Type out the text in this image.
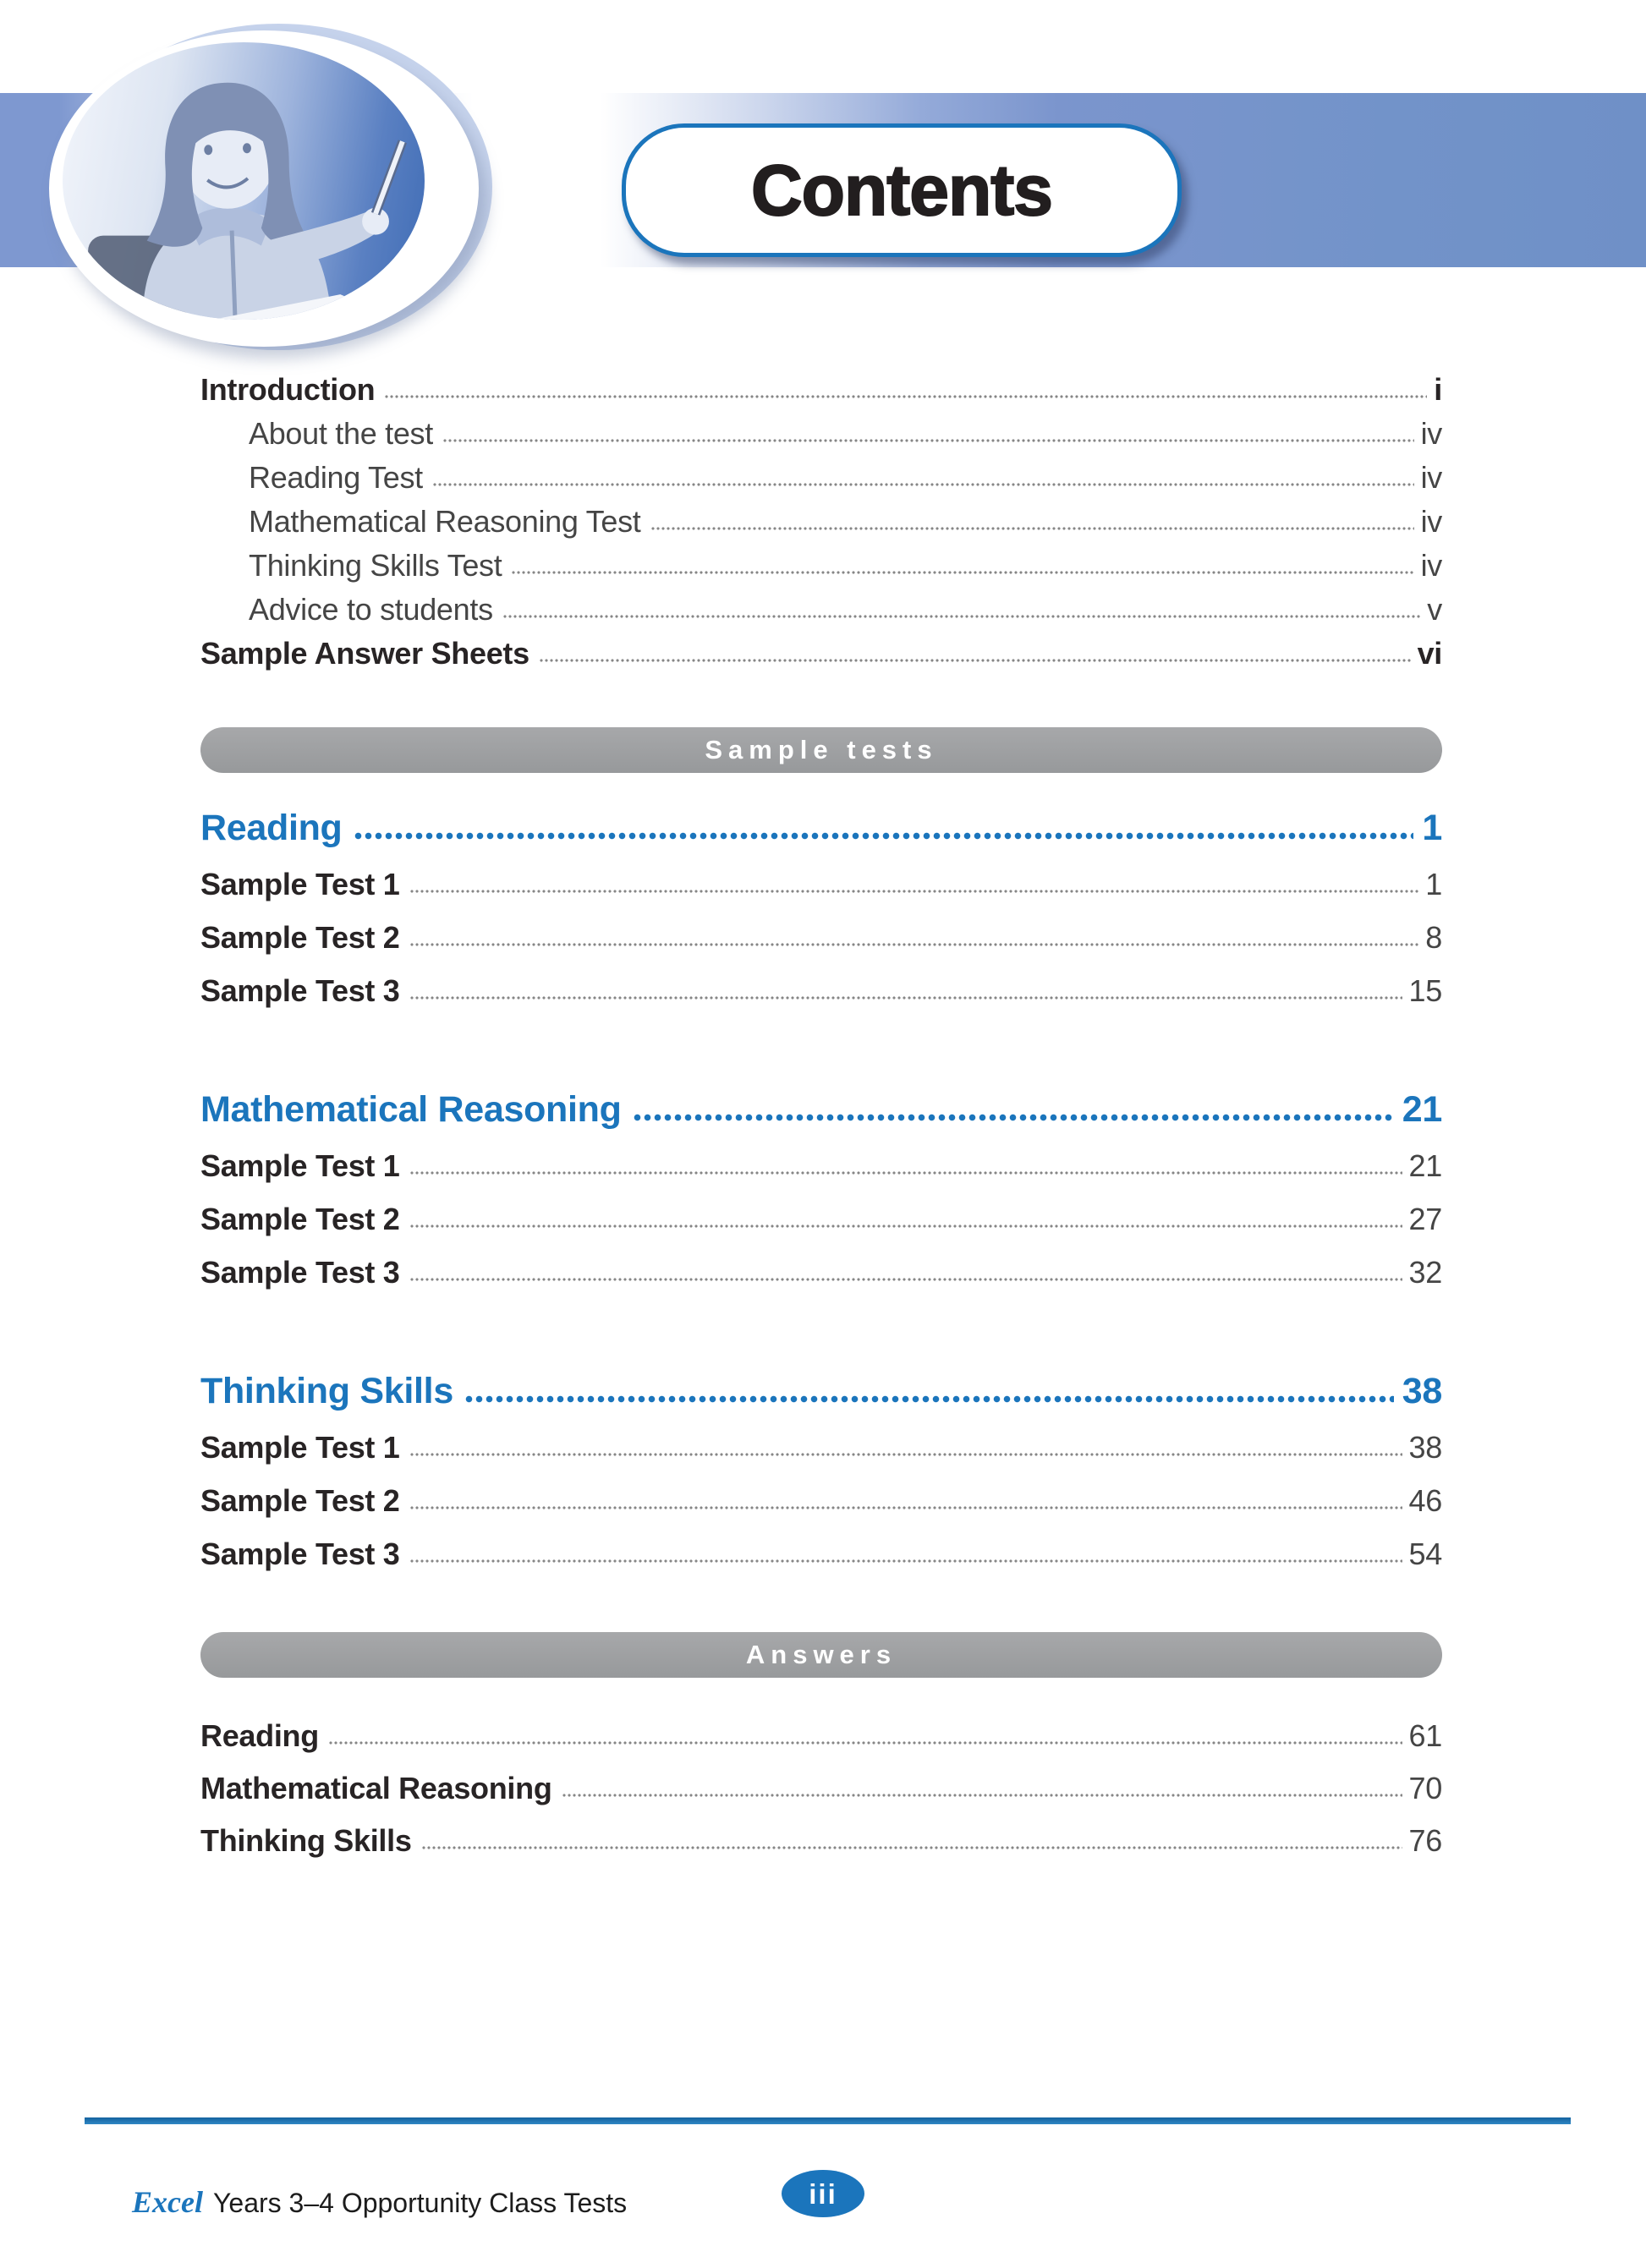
Contents
Introduction	i
About the test	iv
Reading Test	iv
Mathematical Reasoning Test	iv
Thinking Skills Test	iv
Advice to students	v
Sample Answer Sheets	vi
Sample tests
Reading	1
Sample Test 1	1
Sample Test 2	8
Sample Test 3	15
Mathematical Reasoning	21
Sample Test 1	21
Sample Test 2	27
Sample Test 3	32
Thinking Skills	38
Sample Test 1	38
Sample Test 2	46
Sample Test 3	54
Answers
Reading	61
Mathematical Reasoning	70
Thinking Skills	76
Excel Years 3–4 Opportunity Class Tests	iii
